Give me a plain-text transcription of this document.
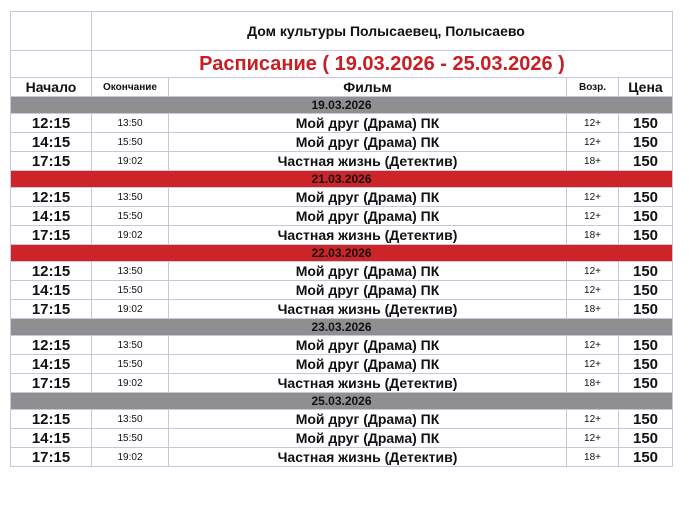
	Дом культуры Полысаевец, Полысаево			
	Расписание ( 19.03.2026 - 25.03.2026 )			
Начало	Окончание	Фильм	Возр.	Цена
19.03.2026				
12:15	13:50	Мой друг (Драма) ПК	12+	150
14:15	15:50	Мой друг (Драма) ПК	12+	150
17:15	19:02	Частная жизнь (Детектив)	18+	150
21.03.2026				
12:15	13:50	Мой друг (Драма) ПК	12+	150
14:15	15:50	Мой друг (Драма) ПК	12+	150
17:15	19:02	Частная жизнь (Детектив)	18+	150
22.03.2026				
12:15	13:50	Мой друг (Драма) ПК	12+	150
14:15	15:50	Мой друг (Драма) ПК	12+	150
17:15	19:02	Частная жизнь (Детектив)	18+	150
23.03.2026				
12:15	13:50	Мой друг (Драма) ПК	12+	150
14:15	15:50	Мой друг (Драма) ПК	12+	150
17:15	19:02	Частная жизнь (Детектив)	18+	150
25.03.2026				
12:15	13:50	Мой друг (Драма) ПК	12+	150
14:15	15:50	Мой друг (Драма) ПК	12+	150
17:15	19:02	Частная жизнь (Детектив)	18+	150
